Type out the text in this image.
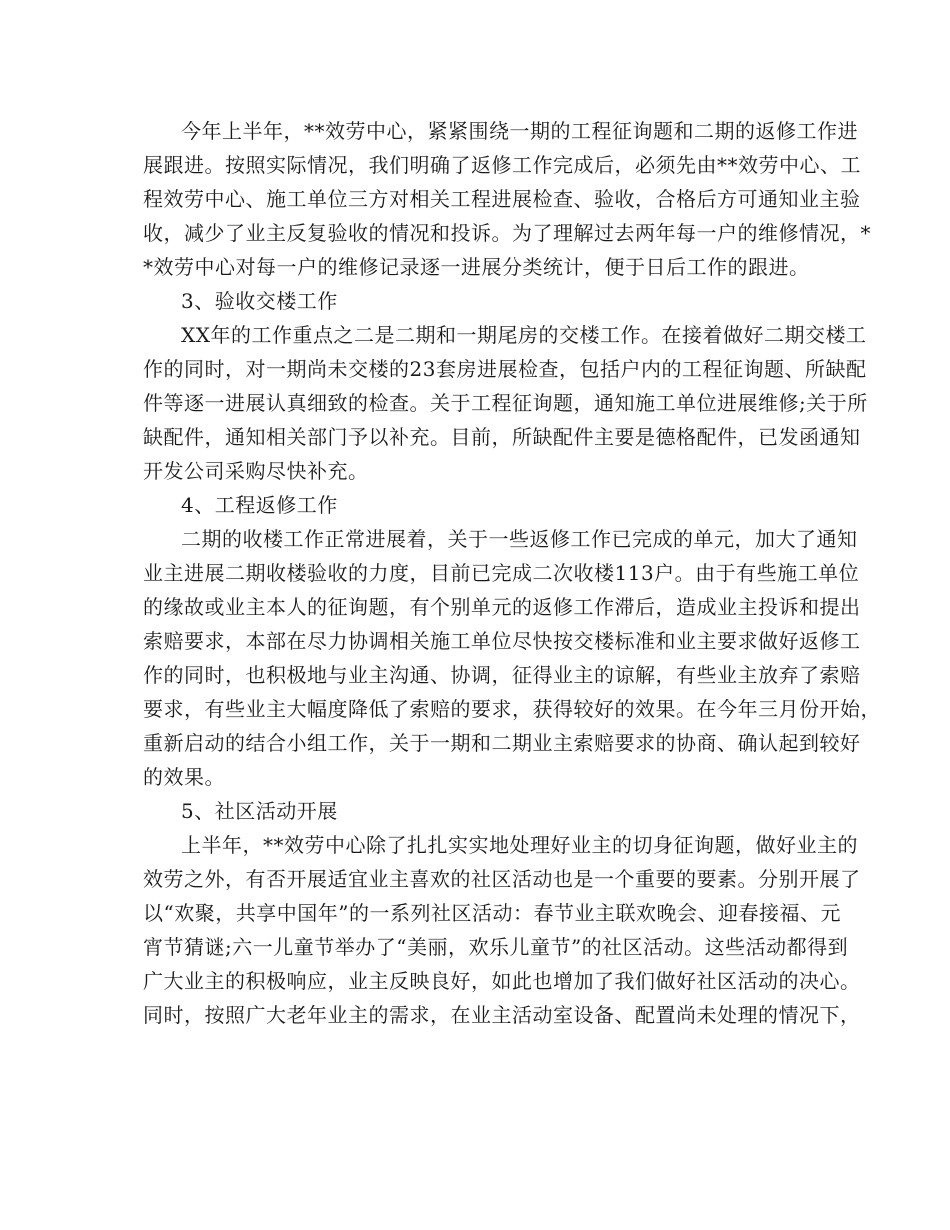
今年上半年，**效劳中心，紧紧围绕一期的工程征询题和二期的返修工作进
展跟进。按照实际情况，我们明确了返修工作完成后，必须先由**效劳中心、工
程效劳中心、施工单位三方对相关工程进展检查、验收，合格后方可通知业主验
收，减少了业主反复验收的情况和投诉。为了理解过去两年每一户的维修情况，*
*效劳中心对每一户的维修记录逐一进展分类统计，便于日后工作的跟进。
3、验收交楼工作
XX年的工作重点之二是二期和一期尾房的交楼工作。在接着做好二期交楼工
作的同时，对一期尚未交楼的23套房进展检查，包括户内的工程征询题、所缺配
件等逐一进展认真细致的检查。关于工程征询题，通知施工单位进展维修;关于所
缺配件，通知相关部门予以补充。目前，所缺配件主要是德格配件，已发函通知
开发公司采购尽快补充。
4、工程返修工作
二期的收楼工作正常进展着，关于一些返修工作已完成的单元，加大了通知
业主进展二期收楼验收的力度，目前已完成二次收楼113户。由于有些施工单位
的缘故或业主本人的征询题，有个别单元的返修工作滞后，造成业主投诉和提出
索赔要求，本部在尽力协调相关施工单位尽快按交楼标准和业主要求做好返修工
作的同时，也积极地与业主沟通、协调，征得业主的谅解，有些业主放弃了索赔
要求，有些业主大幅度降低了索赔的要求，获得较好的效果。在今年三月份开始，
重新启动的结合小组工作，关于一期和二期业主索赔要求的协商、确认起到较好
的效果。
5、社区活动开展
上半年，**效劳中心除了扎扎实实地处理好业主的切身征询题，做好业主的
效劳之外，有否开展适宜业主喜欢的社区活动也是一个重要的要素。分别开展了
以“欢聚，共享中国年”的一系列社区活动：春节业主联欢晚会、迎春接福、元
宵节猜谜;六一儿童节举办了“美丽，欢乐儿童节”的社区活动。这些活动都得到
广大业主的积极响应，业主反映良好，如此也增加了我们做好社区活动的决心。
同时，按照广大老年业主的需求，在业主活动室设备、配置尚未处理的情况下，
